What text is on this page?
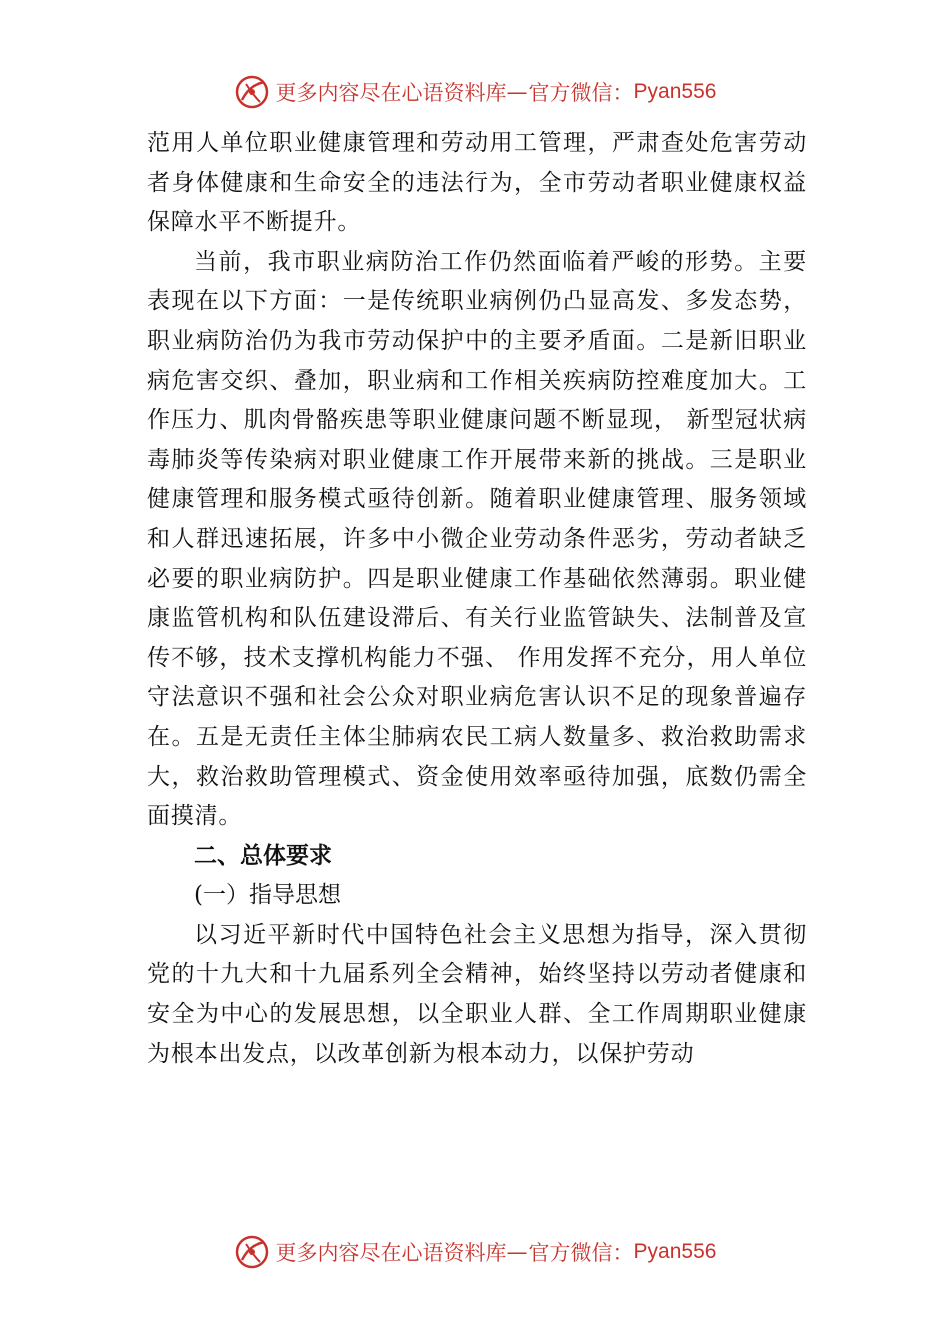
更多内容尽在心语资料库 — 官方微信： Pyan556

范用人单位职业健康管理和劳动用工管理，严肃查处危害劳动者身体健康和生命安全的违法行为，全市劳动者职业健康权益保障水平不断提升。

当前，我市职业病防治工作仍然面临着严峻的形势。主要表现在以下方面：一是传统职业病例仍凸显高发、多发态势，职业病防治仍为我市劳动保护中的主要矛盾面。二是新旧职业病危害交织、叠加，职业病和工作相关疾病防控难度加大。工作压力、肌肉骨骼疾患等职业健康问题不断显现， 新型冠状病毒肺炎等传染病对职业健康工作开展带来新的挑战。三是职业健康管理和服务模式亟待创新。随着职业健康管理、服务领域和人群迅速拓展，许多中小微企业劳动条件恶劣，劳动者缺乏必要的职业病防护。四是职业健康工作基础依然薄弱。职业健康监管机构和队伍建设滞后、有关行业监管缺失、法制普及宣传不够，技术支撑机构能力不强、 作用发挥不充分，用人单位守法意识不强和社会公众对职业病危害认识不足的现象普遍存在。五是无责任主体尘肺病农民工病人数量多、救治救助需求大，救治救助管理模式、资金使用效率亟待加强，底数仍需全面摸清。

二、总体要求

(一）指导思想

以习近平新时代中国特色社会主义思想为指导，深入贯彻党的十九大和十九届系列全会精神，始终坚持以劳动者健康和安全为中心的发展思想，以全职业人群、全工作周期职业健康为根本出发点，以改革创新为根本动力，以保护劳动

更多内容尽在心语资料库 — 官方微信： Pyan556
